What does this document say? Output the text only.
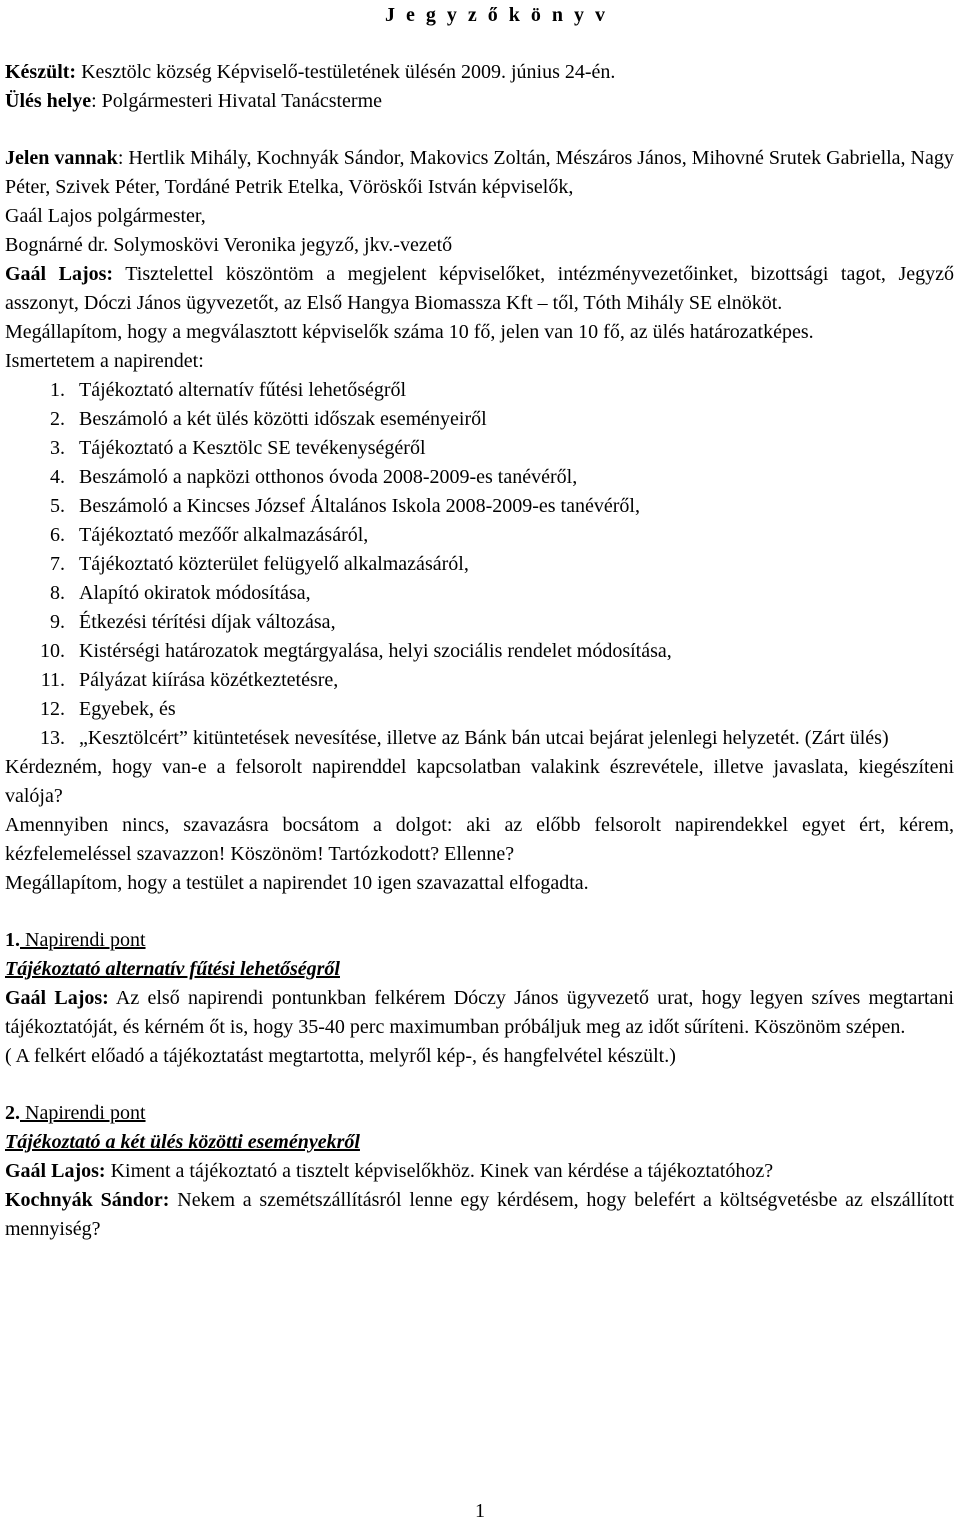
J e g y z ő k ö n y v

Készült: Kesztölc község Képviselő-testületének ülésén 2009. június 24-én.

Ülés helye: Polgármesteri Hivatal Tanácsterme

Jelen vannak: Hertlik Mihály, Kochnyák Sándor, Makovics Zoltán, Mészáros János, Mihovné Srutek Gabriella, Nagy Péter, Szivek Péter, Tordáné Petrik Etelka, Vöröskői István képviselők,

Gaál Lajos polgármester,

Bognárné dr. Solymoskövi Veronika jegyző, jkv.-vezető

Gaál Lajos: Tisztelettel köszöntöm a megjelent képviselőket, intézményvezetőinket, bizottsági tagot, Jegyző asszonyt, Dóczi János ügyvezetőt, az Első Hangya Biomassza Kft – től, Tóth Mihály SE elnököt.

Megállapítom, hogy a megválasztott képviselők száma 10 fő, jelen van 10 fő, az ülés határozatképes.

Ismertetem a napirendet:

1. Tájékoztató alternatív fűtési lehetőségről
2. Beszámoló a két ülés közötti időszak eseményeiről
3. Tájékoztató a Kesztölc SE tevékenységéről
4. Beszámoló a napközi otthonos óvoda 2008-2009-es tanévéről,
5. Beszámoló a Kincses József Általános Iskola 2008-2009-es tanévéről,
6. Tájékoztató mezőőr alkalmazásáról,
7. Tájékoztató közterület felügyelő alkalmazásáról,
8. Alapító okiratok módosítása,
9. Étkezési térítési díjak változása,
10. Kistérségi határozatok megtárgyalása, helyi szociális rendelet módosítása,
11. Pályázat kiírása közétkeztetésre,
12. Egyebek, és
13. „Kesztölcért” kitüntetések nevesítése, illetve az Bánk bán utcai bejárat jelenlegi helyzetét. (Zárt ülés)

Kérdezném, hogy van-e a felsorolt napirenddel kapcsolatban valakink észrevétele, illetve javaslata, kiegészíteni valója?

Amennyiben nincs, szavazásra bocsátom a dolgot: aki az előbb felsorolt napirendekkel egyet ért, kérem, kézfelemeléssel szavazzon! Köszönöm! Tartózkodott? Ellenne?

Megállapítom, hogy a testület a napirendet 10 igen szavazattal elfogadta.

1. Napirendi pont

Tájékoztató alternatív fűtési lehetőségről

Gaál Lajos: Az első napirendi pontunkban felkérem Dóczy János ügyvezető urat, hogy legyen szíves megtartani tájékoztatóját, és kérném őt is, hogy 35-40 perc maximumban próbáljuk meg az időt sűríteni. Köszönöm szépen.

( A felkért előadó a tájékoztatást megtartotta, melyről kép-, és hangfelvétel készült.)

2. Napirendi pont

Tájékoztató a két ülés közötti eseményekről

Gaál Lajos: Kiment a tájékoztató a tisztelt képviselőkhöz. Kinek van kérdése a tájékoztatóhoz?

Kochnyák Sándor: Nekem a szemétszállításról lenne egy kérdésem, hogy belefért a költségvetésbe az elszállított mennyiség?

1
